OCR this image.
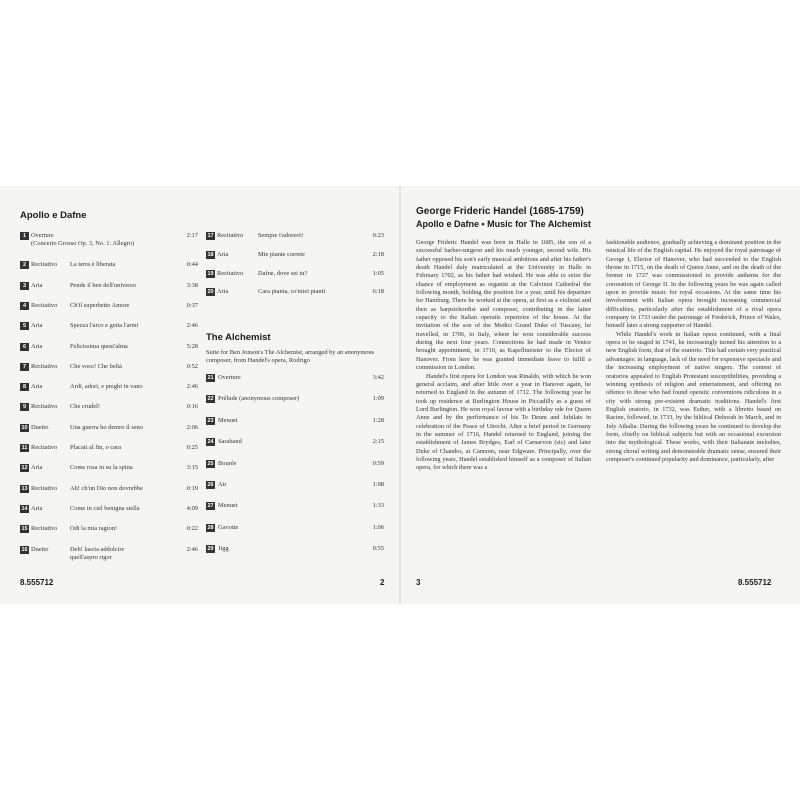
Apollo e Dafne
1 Overture	2:17
(Concerto Grosso Op. 3, No. 1: Allegro)
2 Recitativo La terra è liberata	0:44
3 Aria	Pende il ben dell'universo	3:38
4 Recitativo Ch'il superbetto Amore	0:37
5 Aria	Spezza l'arco e getta l'armi	2:46
6 Aria	Felicissima quest'alma	5:28
7 Recitativo Che voce! Che beltà	0:52
8 Aria	Ardi, adori, e preghi in vano	2:46
9 Recitativo Che crudel!	0:16
10 Duetto	Una guerra ho dentro il seno	2:06
11 Recitativo Placati al fin, o cara	0:25
12 Aria	Come rosa in su la spina	3:15
13 Recitativo Ah! ch'un Dio non dovrebbe	0:19
14 Aria	Come in ciel benigna stella	4:09
15 Recitativo Odi la mia ragion!	0:22
16 Duetto	Deh! lascia addolcire	2:46
quell'aspro rigor
17 Recitativo Sempre t'adorerò!	0:23
18 Aria	Mie piante correte	2:18
19 Recitativo Dafne, dove sei tu?	1:05
20 Aria	Cara pianta, co'miei pianti	6:18
The Alchemist
Suite for Ben Jonson's The Alchemist, arranged by an anonymous composer, from Handel's opera, Rodrigo
21 Overture	3:42
22 Prélude (anonymous composer)	1:09
23 Menuet	1:28
24 Saraband	2:15
25 Bourée	0:59
26 Air	1:08
27 Menuet	1:33
28 Gavotte	1:06
29 Jigg	0:55
8.555712	2
George Frideric Handel (1685-1759)
Apollo e Dafne • Music for The Alchemist

George Frideric Handel was born in Halle in 1685, the son of a successful barber-surgeon and his much younger, second wife. His father opposed his son's early musical ambitions and after his father's death Handel duly matriculated at the University in Halle in February 1702, as his father had wished. He was able to seize the chance of employment as organist at the Calvinist Cathedral the following month, holding the position for a year, until his departure for Hamburg. There he worked at the opera, at first as a violinist and then as harpsichordist and composer, contributing in the latter capacity to the Italian operatic repertoire of the house. At the invitation of the son of the Medici Grand Duke of Tuscany, he travelled, in 1706, to Italy, where he won considerable success during the next four years. Connections he had made in Venice brought appointment, in 1710, as Kapellmeister to the Elector of Hanover. From here he was granted immediate leave to fulfil a commission in London.

Handel's first opera for London was Rinaldo, with which he won general acclaim, and after little over a year in Hanover again, he returned to England in the autumn of 1712. The following year he took up residence at Burlington House in Piccadilly as a guest of Lord Burlington. He won royal favour with a birthday ode for Queen Anne and by the performance of his Te Deum and Jubilate in celebration of the Peace of Utrecht. After a brief period in Germany in the summer of 1716, Handel returned to England, joining the establishment of James Brydges, Earl of Carnarvon (sic) and later Duke of Chandos, at Cannons, near Edgware. Principally, over the following years, Handel established himself as a composer of Italian opera, for which there was a

fashionable audience, gradually achieving a dominant position in the musical life of the English capital. He enjoyed the royal patronage of George I, Elector of Hanover, who had succeeded to the English throne in 1715, on the death of Queen Anne, and on the death of the former in 1727 was commissioned to provide anthems for the coronation of George II. In the following years he was again called upon to provide music for royal occasions. At the same time his involvement with Italian opera brought increasing commercial difficulties, particularly after the establishment of a rival opera company in 1733 under the patronage of Frederick, Prince of Wales, himself later a strong supporter of Handel.

While Handel's work in Italian opera continued, with a final opera to be staged in 1741, he increasingly turned his attention to a new English form, that of the oratorio. This had certain very practical advantages: in language, lack of the need for expensive spectacle and the increasing employment of native singers. The content of oratorios appealed to English Protestant susceptibilities, providing a winning synthesis of religion and entertainment, and offering no offence to those who had found operatic conventions ridiculous in a city with strong pre-existent dramatic traditions. Handel's first English oratorio, in 1732, was Esther, with a libretto based on Racine, followed, in 1733, by the biblical Deborah in March, and in July Athalia. During the following years he continued to develop the form, chiefly on biblical subjects but with an occasional excursion into the mythological. These works, with their Italianate melodies, strong choral writing and demonstrable dramatic sense, ensured their composer's continued popularity and dominance, particularly, after

3	8.555712
